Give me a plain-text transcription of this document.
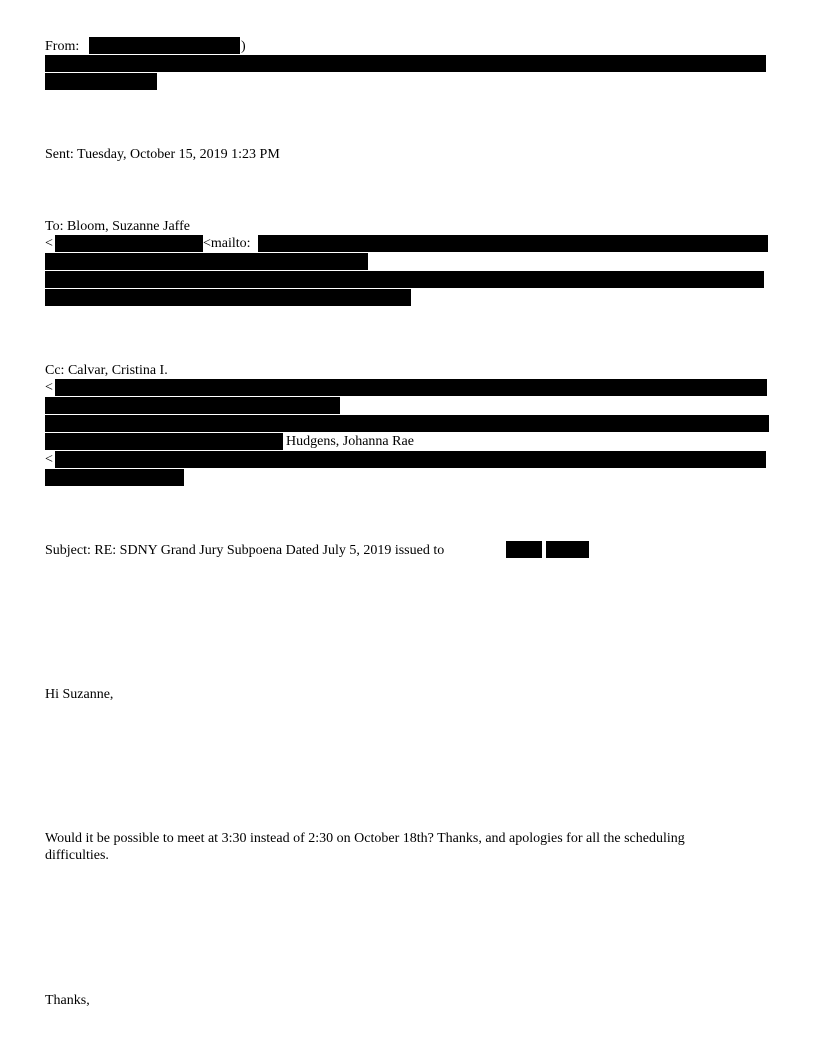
From:	)
Sent: Tuesday, October 15, 2019 1:23 PM
To: Bloom, Suzanne Jaffe
<	<mailto:
Cc: Calvar, Cristina I.
<
Hudgens, Johanna Rae
<
Subject: RE: SDNY Grand Jury Subpoena Dated July 5, 2019 issued to
Hi Suzanne,
Would it be possible to meet at 3:30 instead of 2:30 on October 18th? Thanks, and apologies for all the scheduling difficulties.
Thanks,
